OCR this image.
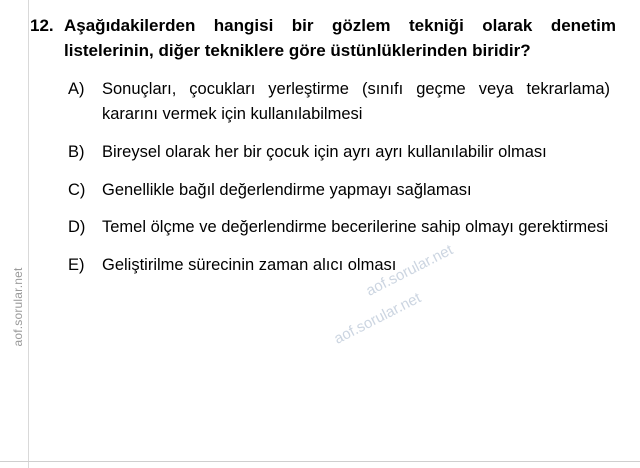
aof.sorular.net
12. Aşağıdakilerden hangisi bir gözlem tekniği olarak denetim listelerinin, diğer tekniklere göre üstünlüklerinden biridir?
A)	Sonuçları, çocukları yerleştirme (sınıfı geçme veya tekrarlama) kararını vermek için kullanılabilmesi
B)	Bireysel olarak her bir çocuk için ayrı ayrı kullanılabilir olması
C)	Genellikle bağıl değerlendirme yapmayı sağlaması
D)	Temel ölçme ve değerlendirme becerilerine sahip olmayı gerektirmesi
E)	Geliştirilme sürecinin zaman alıcı olması
aof.sorular.net
aof.sorular.net
